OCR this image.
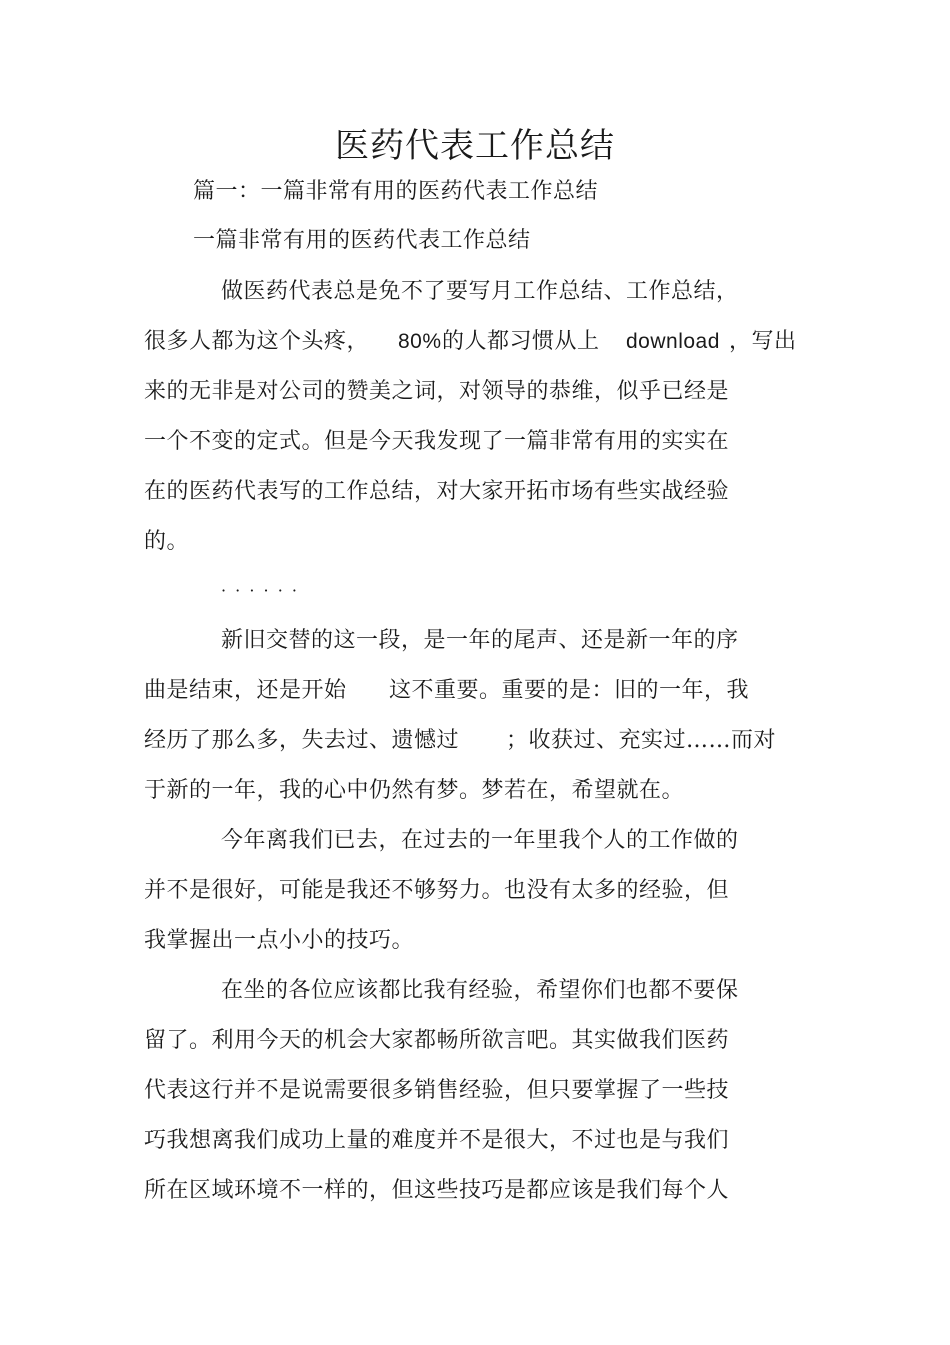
医药代表工作总结
篇一：一篇非常有用的医药代表工作总结
一篇非常有用的医药代表工作总结
做医药代表总是免不了要写月工作总结、工作总结，
很多人都为这个头疼， 80% 的人都习惯从上 download ，写出
来的无非是对公司的赞美之词，对领导的恭维，似乎已经是
一个不变的定式。但是今天我发现了一篇非常有用的实实在
在的医药代表写的工作总结，对大家开拓市场有些实战经验
的。
· · · · · ·
新旧交替的这一段，是一年的尾声、还是新一年的序
曲是结束，还是开始 这不重要。重要的是：旧的一年，我
经历了那么多，失去过、遗憾过 ；收获过、充实过……而对
于新的一年，我的心中仍然有梦。梦若在，希望就在。
今年离我们已去，在过去的一年里我个人的工作做的
并不是很好，可能是我还不够努力。也没有太多的经验，但
我掌握出一点小小的技巧。
在坐的各位应该都比我有经验，希望你们也都不要保
留了。利用今天的机会大家都畅所欲言吧。其实做我们医药
代表这行并不是说需要很多销售经验，但只要掌握了一些技
巧我想离我们成功上量的难度并不是很大，不过也是与我们
所在区域环境不一样的，但这些技巧是都应该是我们每个人
